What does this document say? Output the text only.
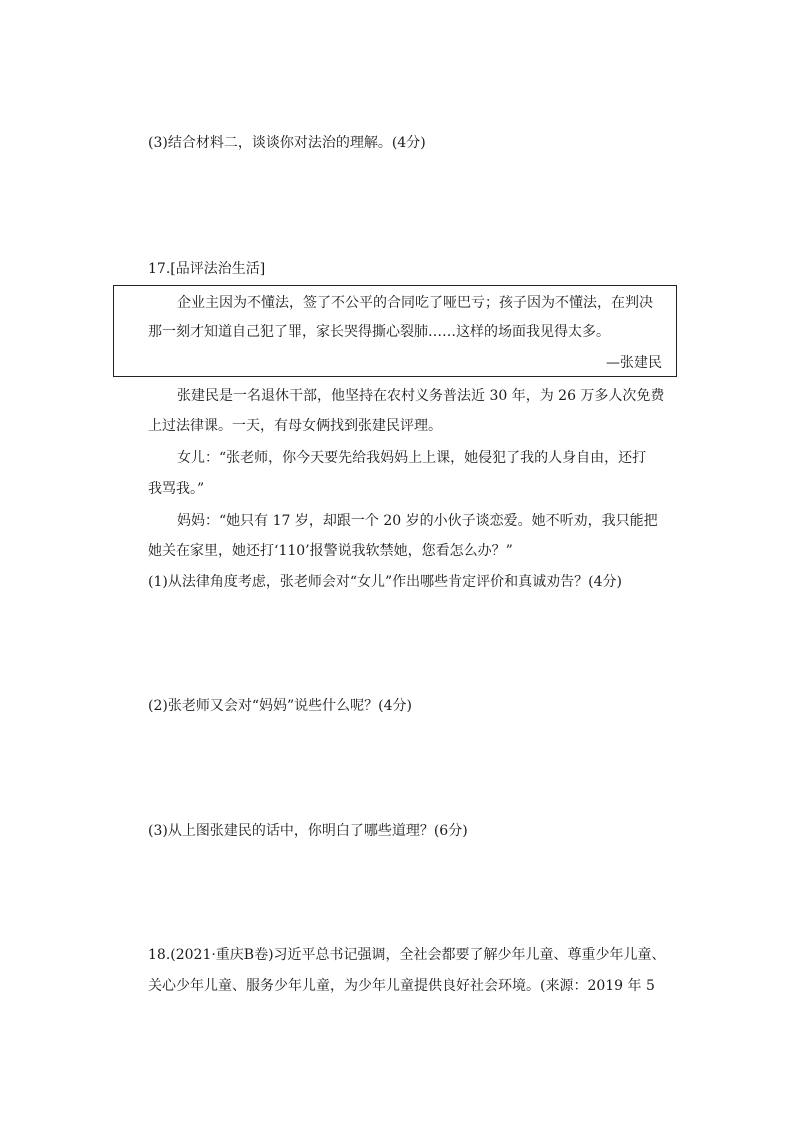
(3)结合材料二，谈谈你对法治的理解。(4分)
17.[品评法治生活]
企业主因为不懂法，签了不公平的合同吃了哑巴亏；孩子因为不懂法，在判决
那一刻才知道自己犯了罪，家长哭得撕心裂肺……这样的场面我见得太多。
—张建民
张建民是一名退休干部，他坚持在农村义务普法近 30 年，为 26 万多人次免费
上过法律课。一天，有母女俩找到张建民评理。
女儿：“张老师，你今天要先给我妈妈上上课，她侵犯了我的人身自由，还打
我骂我。”
妈妈：“她只有 17 岁，却跟一个 20 岁的小伙子谈恋爱。她不听劝，我只能把
她关在家里，她还打‘110’报警说我软禁她，您看怎么办？”
(1)从法律角度考虑，张老师会对“女儿”作出哪些肯定评价和真诚劝告？(4分)
(2)张老师又会对“妈妈”说些什么呢？(4分)
(3)从上图张建民的话中，你明白了哪些道理？(6分)
18.(2021·重庆B卷)习近平总书记强调，全社会都要了解少年儿童、尊重少年儿童、
关心少年儿童、服务少年儿童，为少年儿童提供良好社会环境。(来源：2019 年 5
